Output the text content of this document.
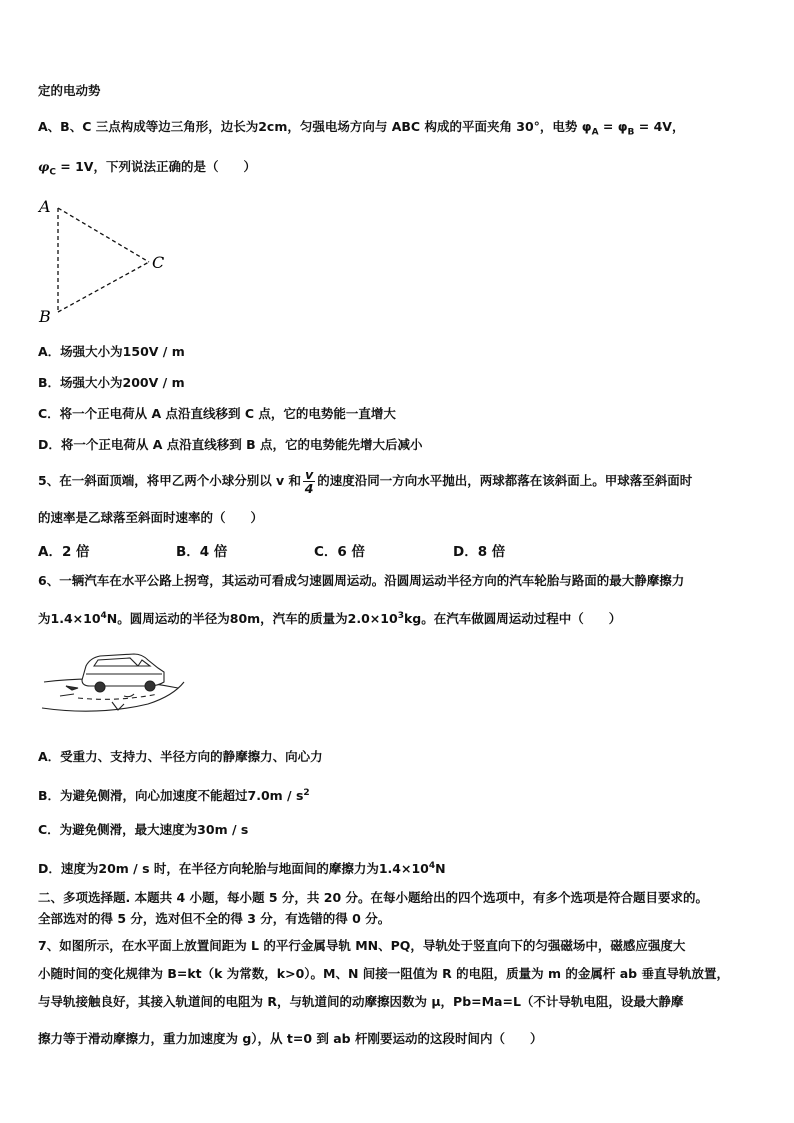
定的电动势
A、B、C 三点构成等边三角形，边长为2cm，匀强电场方向与 ABC 构成的平面夹角 30°，电势 $\varphi_A = \varphi_B = 4V$，
$\varphi_C = 1V$，下列说法正确的是（　　）
A
B
C
A．场强大小为150V / m
B．场强大小为200V / m
C．将一个正电荷从 A 点沿直线移到 C 点，它的电势能一直增大
D．将一个正电荷从 A 点沿直线移到 B 点，它的电势能先增大后减小
5、在一斜面顶端，将甲乙两个小球分别以 v 和 $\frac{v}{4}$ 的速度沿同一方向水平抛出，两球都落在该斜面上。甲球落至斜面时
的速率是乙球落至斜面时速率的（　　）
A．2 倍	B．4 倍	C．6 倍	D．8 倍
6、一辆汽车在水平公路上拐弯，其运动可看成匀速圆周运动。沿圆周运动半径方向的汽车轮胎与路面的最大静摩擦力
为$1.4\times 10^4N$。圆周运动的半径为80m，汽车的质量为$2.0\times 10^3kg$。在汽车做圆周运动过程中（　　）
A．受重力、支持力、半径方向的静摩擦力、向心力
B．为避免侧滑，向心加速度不能超过$7.0m / s^2$
C．为避免侧滑，最大速度为30m / s
D．速度为20m / s 时，在半径方向轮胎与地面间的摩擦力为$1.4\times 10^4N$
二、多项选择题. 本题共 4 小题，每小题 5 分，共 20 分。在每小题给出的四个选项中，有多个选项是符合题目要求的。
全部选对的得 5 分，选对但不全的得 3 分，有选错的得 0 分。
7、如图所示，在水平面上放置间距为 L 的平行金属导轨 MN、PQ，导轨处于竖直向下的匀强磁场中，磁感应强度大
小随时间的变化规律为 B=kt（k 为常数，k>0）。M、N 间接一阻值为 R 的电阻，质量为 m 的金属杆 ab 垂直导轨放置，
与导轨接触良好，其接入轨道间的电阻为 R，与轨道间的动摩擦因数为 μ，Pb=Ma=L（不计导轨电阻，设最大静摩
擦力等于滑动摩擦力，重力加速度为 g），从 t=0 到 ab 杆刚要运动的这段时间内（　　）
